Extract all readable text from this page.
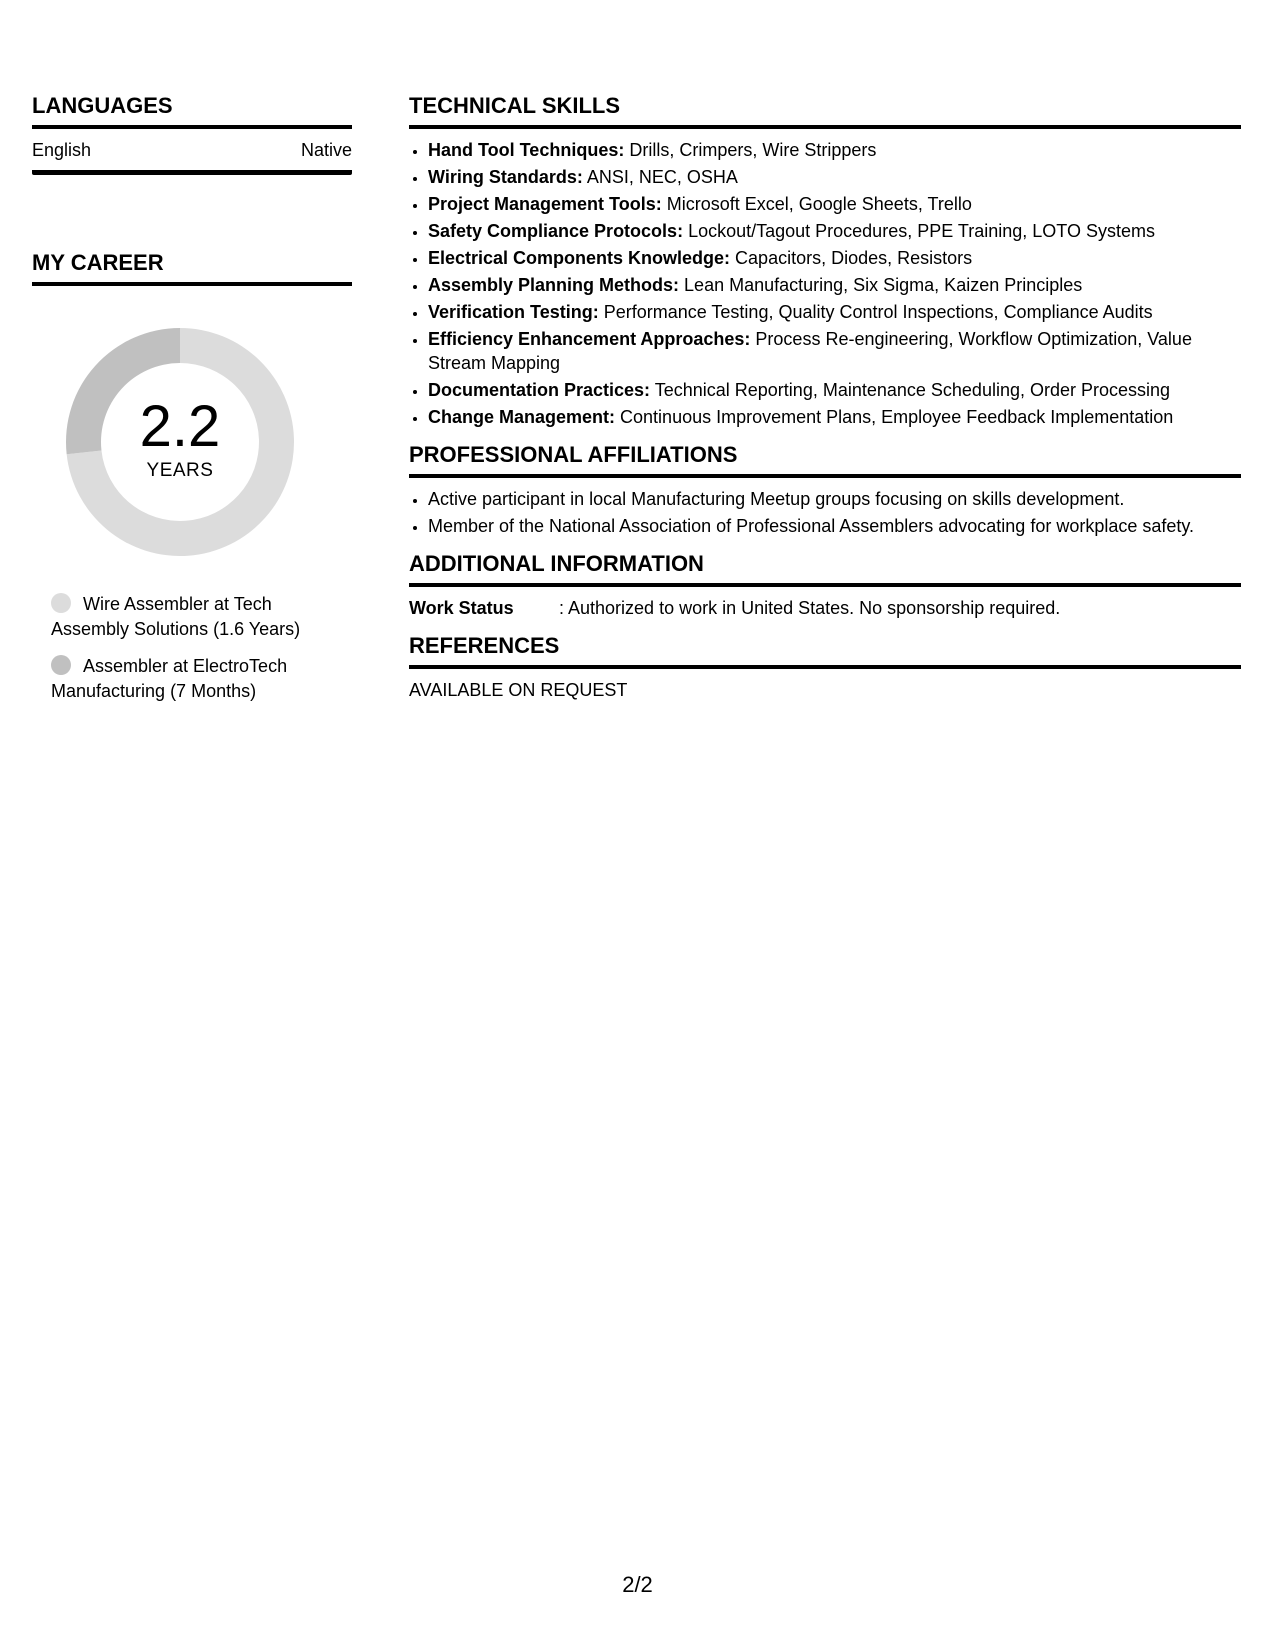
LANGUAGES
English	Native
MY CAREER
2.2
YEARS
Wire Assembler at Tech Assembly Solutions (1.6 Years)
Assembler at ElectroTech Manufacturing (7 Months)
TECHNICAL SKILLS
• Hand Tool Techniques: Drills, Crimpers, Wire Strippers
• Wiring Standards: ANSI, NEC, OSHA
• Project Management Tools: Microsoft Excel, Google Sheets, Trello
• Safety Compliance Protocols: Lockout/Tagout Procedures, PPE Training, LOTO Systems
• Electrical Components Knowledge: Capacitors, Diodes, Resistors
• Assembly Planning Methods: Lean Manufacturing, Six Sigma, Kaizen Principles
• Verification Testing: Performance Testing, Quality Control Inspections, Compliance Audits
• Efficiency Enhancement Approaches: Process Re-engineering, Workflow Optimization, Value Stream Mapping
• Documentation Practices: Technical Reporting, Maintenance Scheduling, Order Processing
• Change Management: Continuous Improvement Plans, Employee Feedback Implementation
PROFESSIONAL AFFILIATIONS
• Active participant in local Manufacturing Meetup groups focusing on skills development.
• Member of the National Association of Professional Assemblers advocating for workplace safety.
ADDITIONAL INFORMATION
Work Status	: Authorized to work in United States. No sponsorship required.
REFERENCES
AVAILABLE ON REQUEST
2/2
